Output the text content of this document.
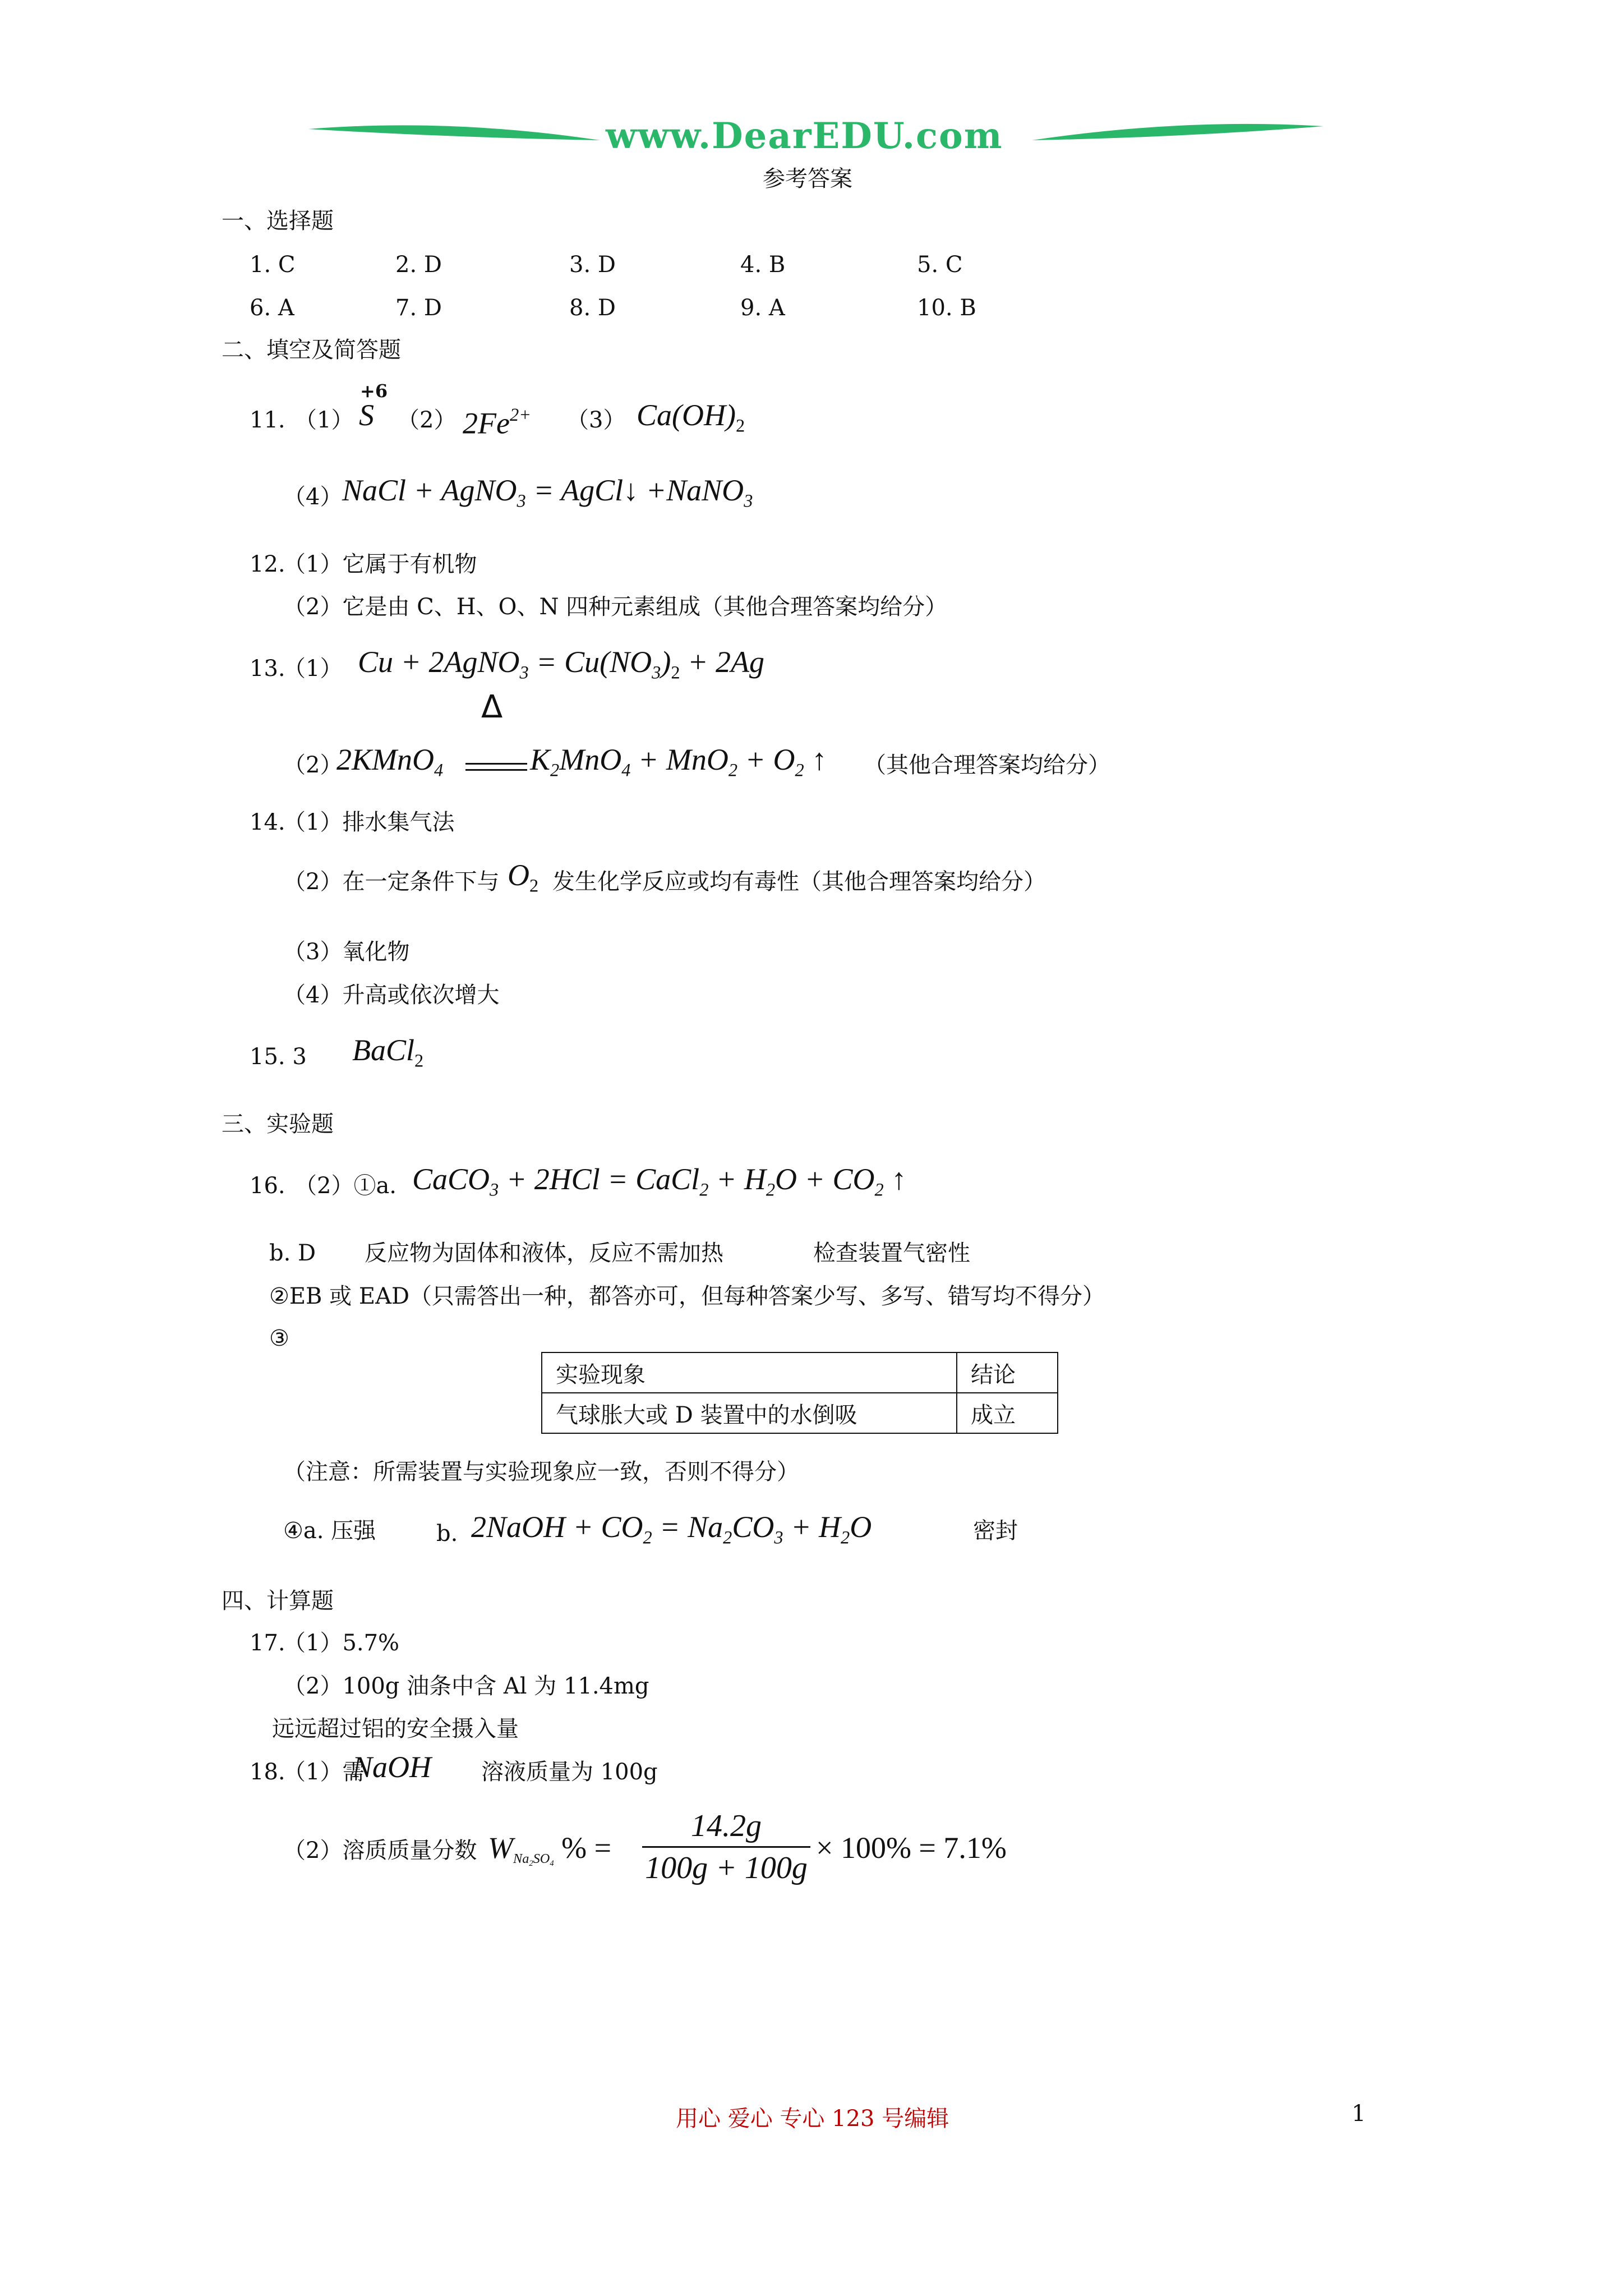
www.DearEDU.com
参考答案
一、选择题
1. C	2. D	3. D	4. B	5. C
6. A	7. D	8. D	9. A	10. B
二、填空及简答题
11. （1）
+6
S （2） $2Fe^{2+}$ （3） $Ca(OH)_2$
（4） NaCl + AgNO$_3$ = AgCl↓ +NaNO$_3$
12.
（1）它属于有机物
（2）它是由 C、H、O、N 四种元素组成（其他合理答案均给分）
13.
（1） Cu + 2AgNO$_3$ = $Cu(NO_3)_2 + 2Ag$
（2）
2KMnO$_4$
Δ
$K_2MnO_4 + MnO_2 + O_2$ ↑ （其他合理答案均给分）
14.
（1）排水集气法
（2）在一定条件下与 $O_2$ 发生化学反应或均有毒性（其他合理答案均给分）
（3）氧化物
（4）升高或依次增大
15. 3 BaCl$_2$
三、实验题
16. （2）①a. CaCO$_3$ + 2HCl = CaCl$_2$ + $H_2O + CO_2$ ↑
b. D 反应物为固体和液体，反应不需加热	检查装置气密性
②EB 或 EAD（只需答出一种，都答亦可，但每种答案少写、多写、错写均不得分）
③
实验现象	结论
气球胀大或 D 装置中的水倒吸	成立
（注意：所需装置与实验现象应一致，否则不得分）
④a. 压强	b. 2NaOH + $CO_2 = Na_2CO_3 + H_2O$	密封
四、计算题
17.
（1）5.7%
（2）100g 油条中含 Al 为 11.4mg
远远超过铝的安全摄入量
18.
（1）需
NaOH 溶液质量为 100g
（2）溶质质量分数 $W_{Na_2SO_4}$ % =
14.2g
100g + 100g
× 100% = 7.1%
用心 爱心 专心 123 号编辑	1
